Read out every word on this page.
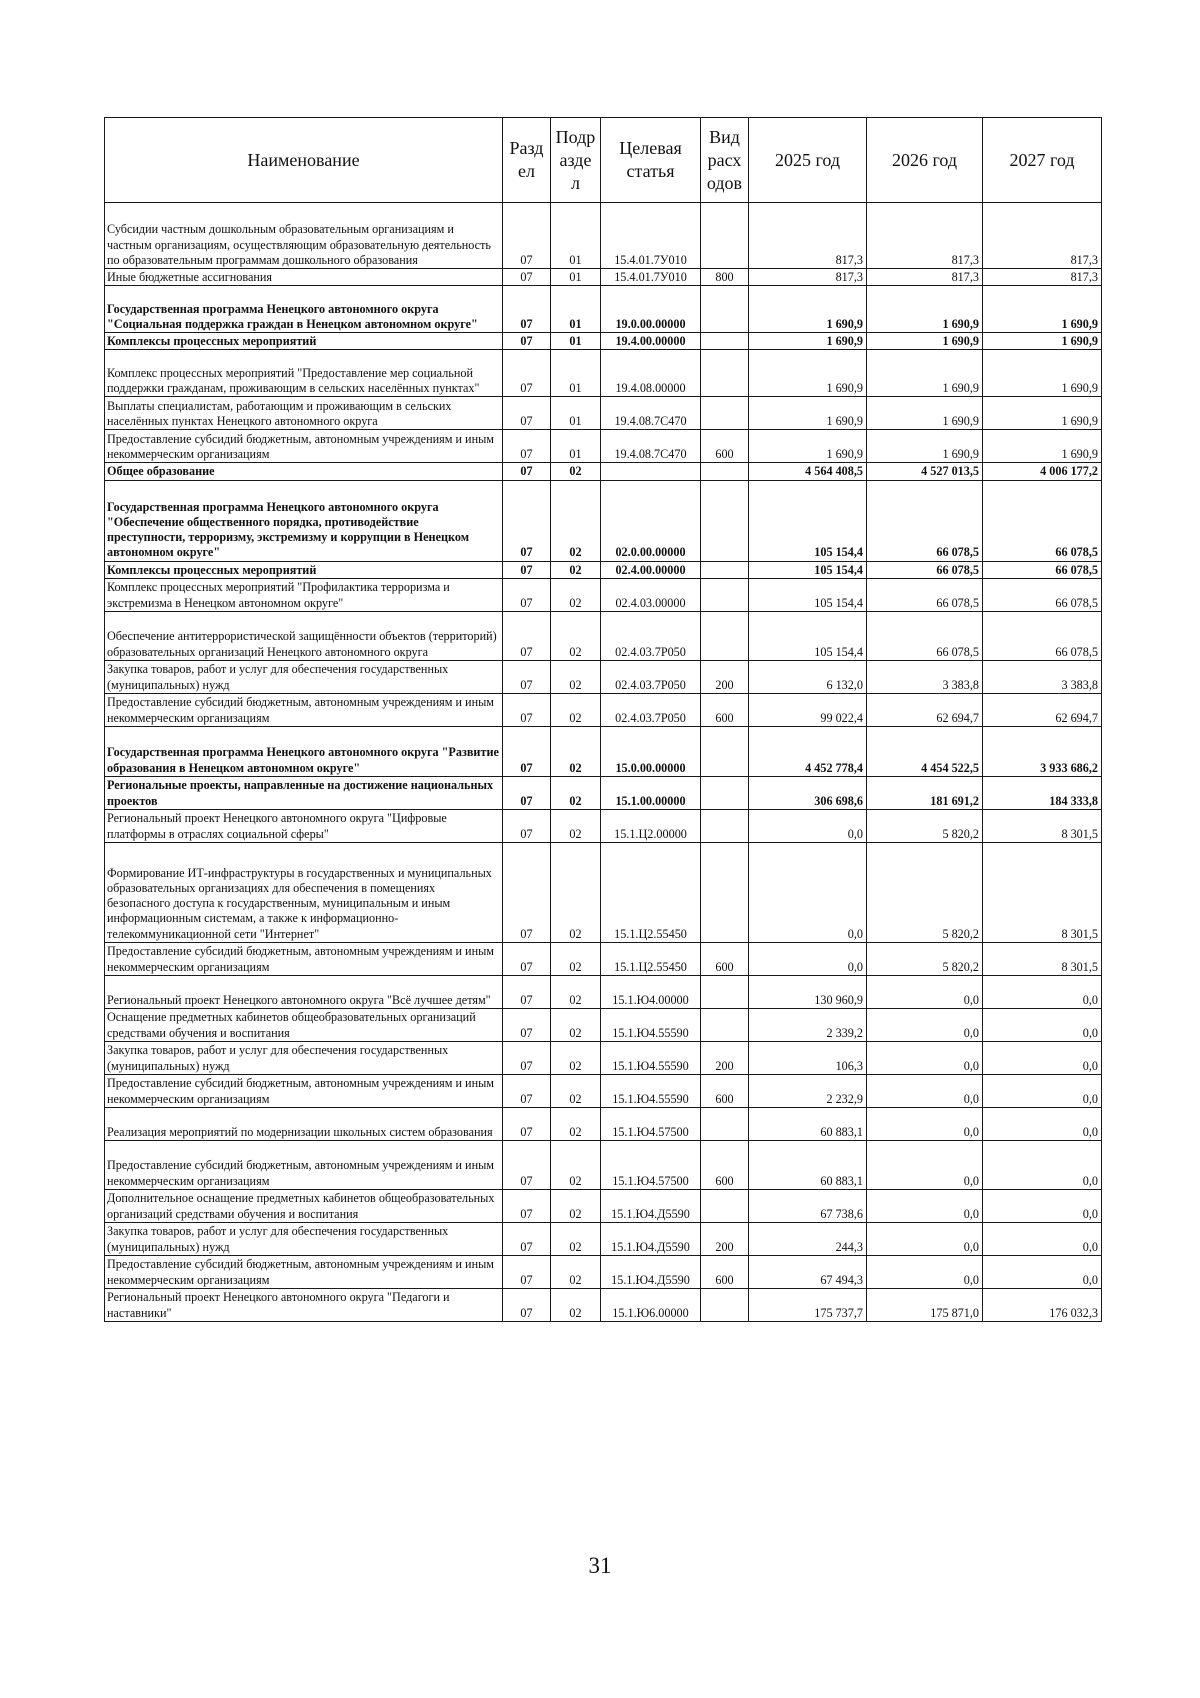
Наименование	Разд ел	Подр азде л	Целевая статья	Вид расх одов	2025 год	2026 год	2027 год
Субсидии частным дошкольным образовательным организациям и частным организациям, осуществляющим образовательную деятельность по образовательным программам дошкольного образования	07	01	15.4.01.7У010		817,3	817,3	817,3
Иные бюджетные ассигнования	07	01	15.4.01.7У010	800	817,3	817,3	817,3
Государственная программа Ненецкого автономного округа "Социальная поддержка граждан в Ненецком автономном округе"	07	01	19.0.00.00000		1 690,9	1 690,9	1 690,9
Комплексы процессных мероприятий	07	01	19.4.00.00000		1 690,9	1 690,9	1 690,9
Комплекс процессных мероприятий "Предоставление мер социальной поддержки гражданам, проживающим в сельских населённых пунктах"	07	01	19.4.08.00000		1 690,9	1 690,9	1 690,9
Выплаты специалистам, работающим и проживающим в сельских населённых пунктах Ненецкого автономного округа	07	01	19.4.08.7С470		1 690,9	1 690,9	1 690,9
Предоставление субсидий бюджетным, автономным учреждениям и иным некоммерческим организациям	07	01	19.4.08.7С470	600	1 690,9	1 690,9	1 690,9
Общее образование	07	02			4 564 408,5	4 527 013,5	4 006 177,2
Государственная программа Ненецкого автономного округа "Обеспечение общественного порядка, противодействие преступности, терроризму, экстремизму и коррупции в Ненецком автономном округе"	07	02	02.0.00.00000		105 154,4	66 078,5	66 078,5
Комплексы процессных мероприятий	07	02	02.4.00.00000		105 154,4	66 078,5	66 078,5
Комплекс процессных мероприятий "Профилактика терроризма и экстремизма в Ненецком автономном округе"	07	02	02.4.03.00000		105 154,4	66 078,5	66 078,5
Обеспечение антитеррористической защищённости объектов (территорий) образовательных организаций Ненецкого автономного округа	07	02	02.4.03.7Р050		105 154,4	66 078,5	66 078,5
Закупка товаров, работ и услуг для обеспечения государственных (муниципальных) нужд	07	02	02.4.03.7Р050	200	6 132,0	3 383,8	3 383,8
Предоставление субсидий бюджетным, автономным учреждениям и иным некоммерческим организациям	07	02	02.4.03.7Р050	600	99 022,4	62 694,7	62 694,7
Государственная программа Ненецкого автономного округа "Развитие образования в Ненецком автономном округе"	07	02	15.0.00.00000		4 452 778,4	4 454 522,5	3 933 686,2
Региональные проекты, направленные на достижение национальных проектов	07	02	15.1.00.00000		306 698,6	181 691,2	184 333,8
Региональный проект Ненецкого автономного округа "Цифровые платформы в отраслях социальной сферы"	07	02	15.1.Ц2.00000		0,0	5 820,2	8 301,5
Формирование ИТ-инфраструктуры в государственных и муниципальных образовательных организациях для обеспечения в помещениях безопасного доступа к государственным, муниципальным и иным информационным системам, а также к информационно-телекоммуникационной сети "Интернет"	07	02	15.1.Ц2.55450		0,0	5 820,2	8 301,5
Предоставление субсидий бюджетным, автономным учреждениям и иным некоммерческим организациям	07	02	15.1.Ц2.55450	600	0,0	5 820,2	8 301,5
Региональный проект Ненецкого автономного округа "Всё лучшее детям"	07	02	15.1.Ю4.00000		130 960,9	0,0	0,0
Оснащение предметных кабинетов общеобразовательных организаций средствами обучения и воспитания	07	02	15.1.Ю4.55590		2 339,2	0,0	0,0
Закупка товаров, работ и услуг для обеспечения государственных (муниципальных) нужд	07	02	15.1.Ю4.55590	200	106,3	0,0	0,0
Предоставление субсидий бюджетным, автономным учреждениям и иным некоммерческим организациям	07	02	15.1.Ю4.55590	600	2 232,9	0,0	0,0
Реализация мероприятий по модернизации школьных систем образования	07	02	15.1.Ю4.57500		60 883,1	0,0	0,0
Предоставление субсидий бюджетным, автономным учреждениям и иным некоммерческим организациям	07	02	15.1.Ю4.57500	600	60 883,1	0,0	0,0
Дополнительное оснащение предметных кабинетов общеобразовательных организаций средствами обучения и воспитания	07	02	15.1.Ю4.Д5590		67 738,6	0,0	0,0
Закупка товаров, работ и услуг для обеспечения государственных (муниципальных) нужд	07	02	15.1.Ю4.Д5590	200	244,3	0,0	0,0
Предоставление субсидий бюджетным, автономным учреждениям и иным некоммерческим организациям	07	02	15.1.Ю4.Д5590	600	67 494,3	0,0	0,0
Региональный проект Ненецкого автономного округа "Педагоги и наставники"	07	02	15.1.Ю6.00000		175 737,7	175 871,0	176 032,3
31
